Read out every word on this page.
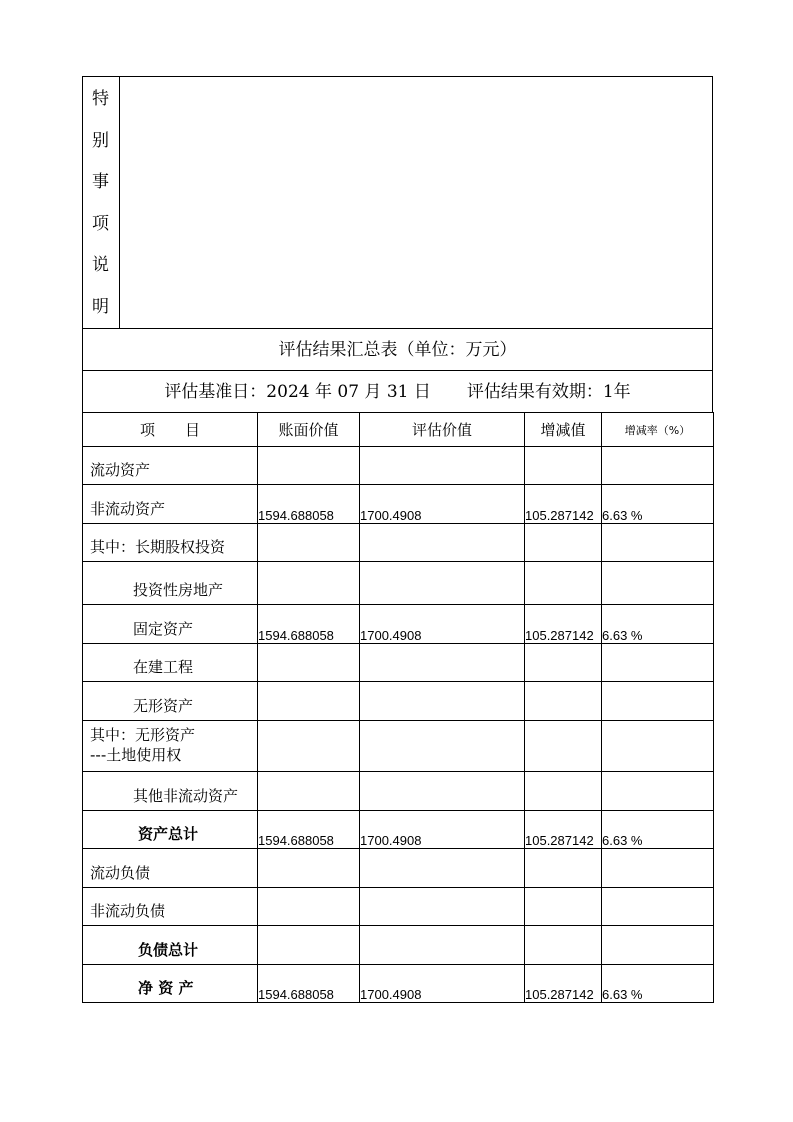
特
别
事
项
说
明
评估结果汇总表（单位：万元）
评估基准日：2024 年 07 月 31 日 评估结果有效期：1年
项　　目	账面价值	评估价值	增减值	增减率（%）
流动资产				
非流动资产	1594.688058	1700.4908	105.287142	6.63 %
其中：长期股权投资				
投资性房地产				
固定资产	1594.688058	1700.4908	105.287142	6.63 %
在建工程				
无形资产				

其中：无形资产
---土地使用权				

其他非流动资产				
资产总计	1594.688058	1700.4908	105.287142	6.63 %
流动负债				
非流动负债				
负债总计				
净 资 产	1594.688058	1700.4908	105.287142	6.63 %
